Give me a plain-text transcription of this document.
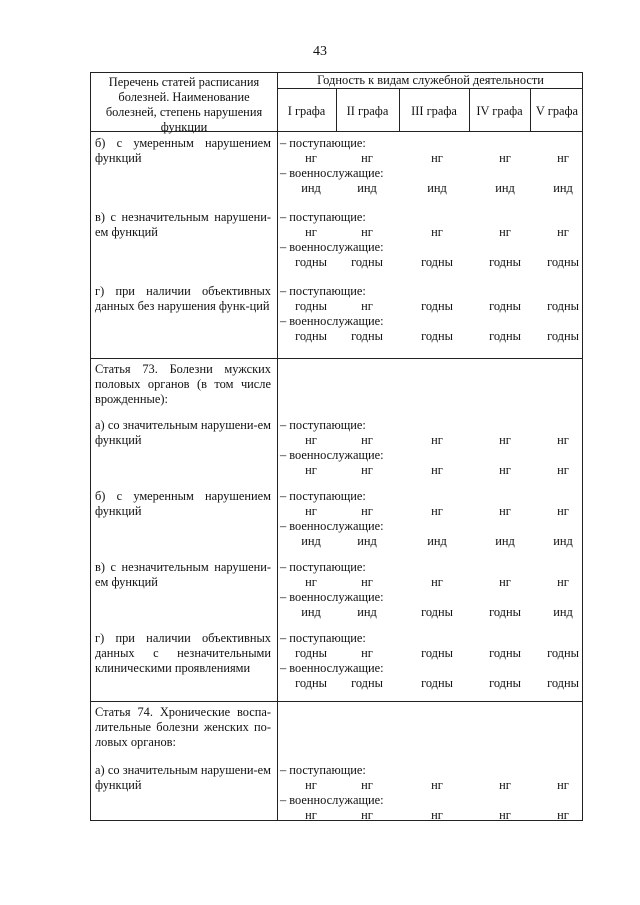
43
Перечень статей расписания болезней. Наименование болезней, степень нарушения функции
Годность к видам служебной деятельности
I графа	II графа	III графа	IV графа	V графа
б) с умеренным нарушением функций
– поступающие:
нг	нг	нг	нг	нг
– военнослужащие:
инд	инд	инд	инд	инд
в) с незначительным нарушени-ем функций
– поступающие:
нг	нг	нг	нг	нг
– военнослужащие:
годны	годны	годны	годны	годны
г) при наличии объективных данных без нарушения функ-ций
– поступающие:
годны	нг	годны	годны	годны
– военнослужащие:
годны	годны	годны	годны	годны
Статья 73. Болезни мужских половых органов (в том числе врожденные):
а) со значительным нарушени-ем функций
– поступающие:
нг	нг	нг	нг	нг
– военнослужащие:
нг	нг	нг	нг	нг
б) с умеренным нарушением функций
– поступающие:
нг	нг	нг	нг	нг
– военнослужащие:
инд	инд	инд	инд	инд
в) с незначительным нарушени-ем функций
– поступающие:
нг	нг	нг	нг	нг
– военнослужащие:
инд	инд	годны	годны	инд
г) при наличии объективных данных с незначительными клиническими проявлениями
– поступающие:
годны	нг	годны	годны	годны
– военнослужащие:
годны	годны	годны	годны	годны
Статья 74. Хронические воспа-лительные болезни женских по-ловых органов:
а) со значительным нарушени-ем функций
– поступающие:
нг	нг	нг	нг	нг
– военнослужащие:
нг	нг	нг	нг	нг
